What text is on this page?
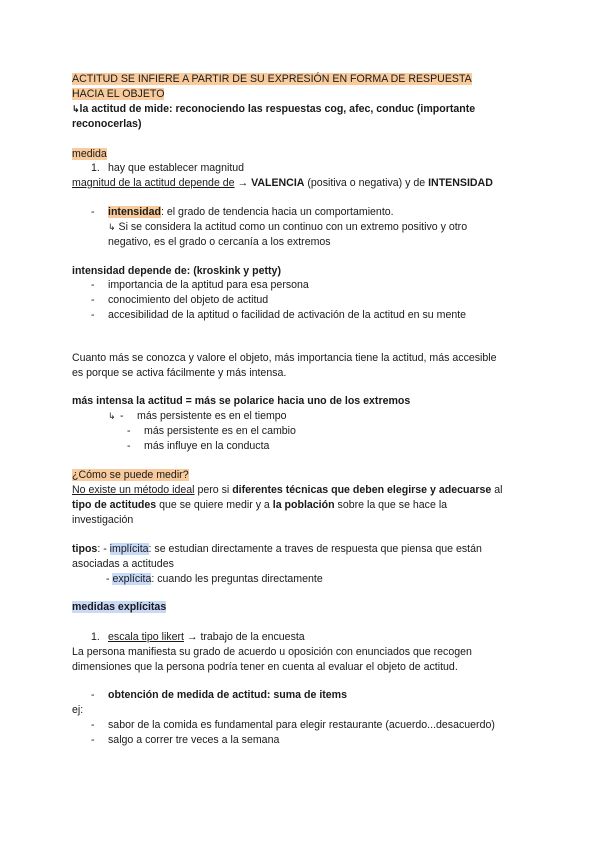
ACTITUD SE INFIERE A PARTIR DE SU EXPRESIÓN EN FORMA DE RESPUESTA
HACIA EL OBJETO
↳la actitud de mide: reconociendo las respuestas cog, afec, conduc (importante
reconocerlas)
medida
1. hay que establecer magnitud
magnitud de la actitud depende de → VALENCIA (positiva o negativa) y de INTENSIDAD
- intensidad: el grado de tendencia hacia un comportamiento.
↳ Si se considera la actitud como un continuo con un extremo positivo y otro
negativo, es el grado o cercanía a los extremos
intensidad depende de: (kroskink y petty)
- importancia de la aptitud para esa persona
- conocimiento del objeto de actitud
- accesibilidad de la aptitud o facilidad de activación de la actitud en su mente
Cuanto más se conozca y valore el objeto, más importancia tiene la actitud, más accesible
es porque se activa fácilmente y más intensa.
más intensa la actitud = más se polarice hacia uno de los extremos
↳ - más persistente es en el tiempo
- más persistente es en el cambio
- más influye en la conducta
¿Cómo se puede medir?
No existe un método ideal pero si diferentes técnicas que deben elegirse y adecuarse al
tipo de actitudes que se quiere medir y a la población sobre la que se hace la
investigación
tipos: - implícita: se estudian directamente a traves de respuesta que piensa que están
asociadas a actitudes
- explícita: cuando les preguntas directamente
medidas explícitas
1. escala tipo likert → trabajo de la encuesta
La persona manifiesta su grado de acuerdo u oposición con enunciados que recogen
dimensiones que la persona podría tener en cuenta al evaluar el objeto de actitud.
- obtención de medida de actitud: suma de items
ej:
- sabor de la comida es fundamental para elegir restaurante (acuerdo...desacuerdo)
- salgo a correr tre veces a la semana
